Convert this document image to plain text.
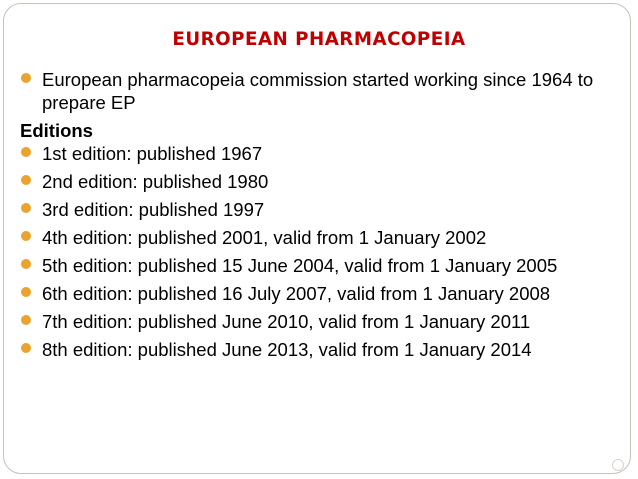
EUROPEAN PHARMACOPEIA
European pharmacopeia commission started working since 1964 to prepare EP
Editions
1st edition: published 1967
2nd edition: published 1980
3rd edition: published 1997
4th edition: published 2001, valid from 1 January 2002
5th edition: published 15 June 2004, valid from 1 January 2005
6th edition: published 16 July 2007, valid from 1 January 2008
7th edition: published June 2010, valid from 1 January 2011
8th edition: published June 2013, valid from 1 January 2014
